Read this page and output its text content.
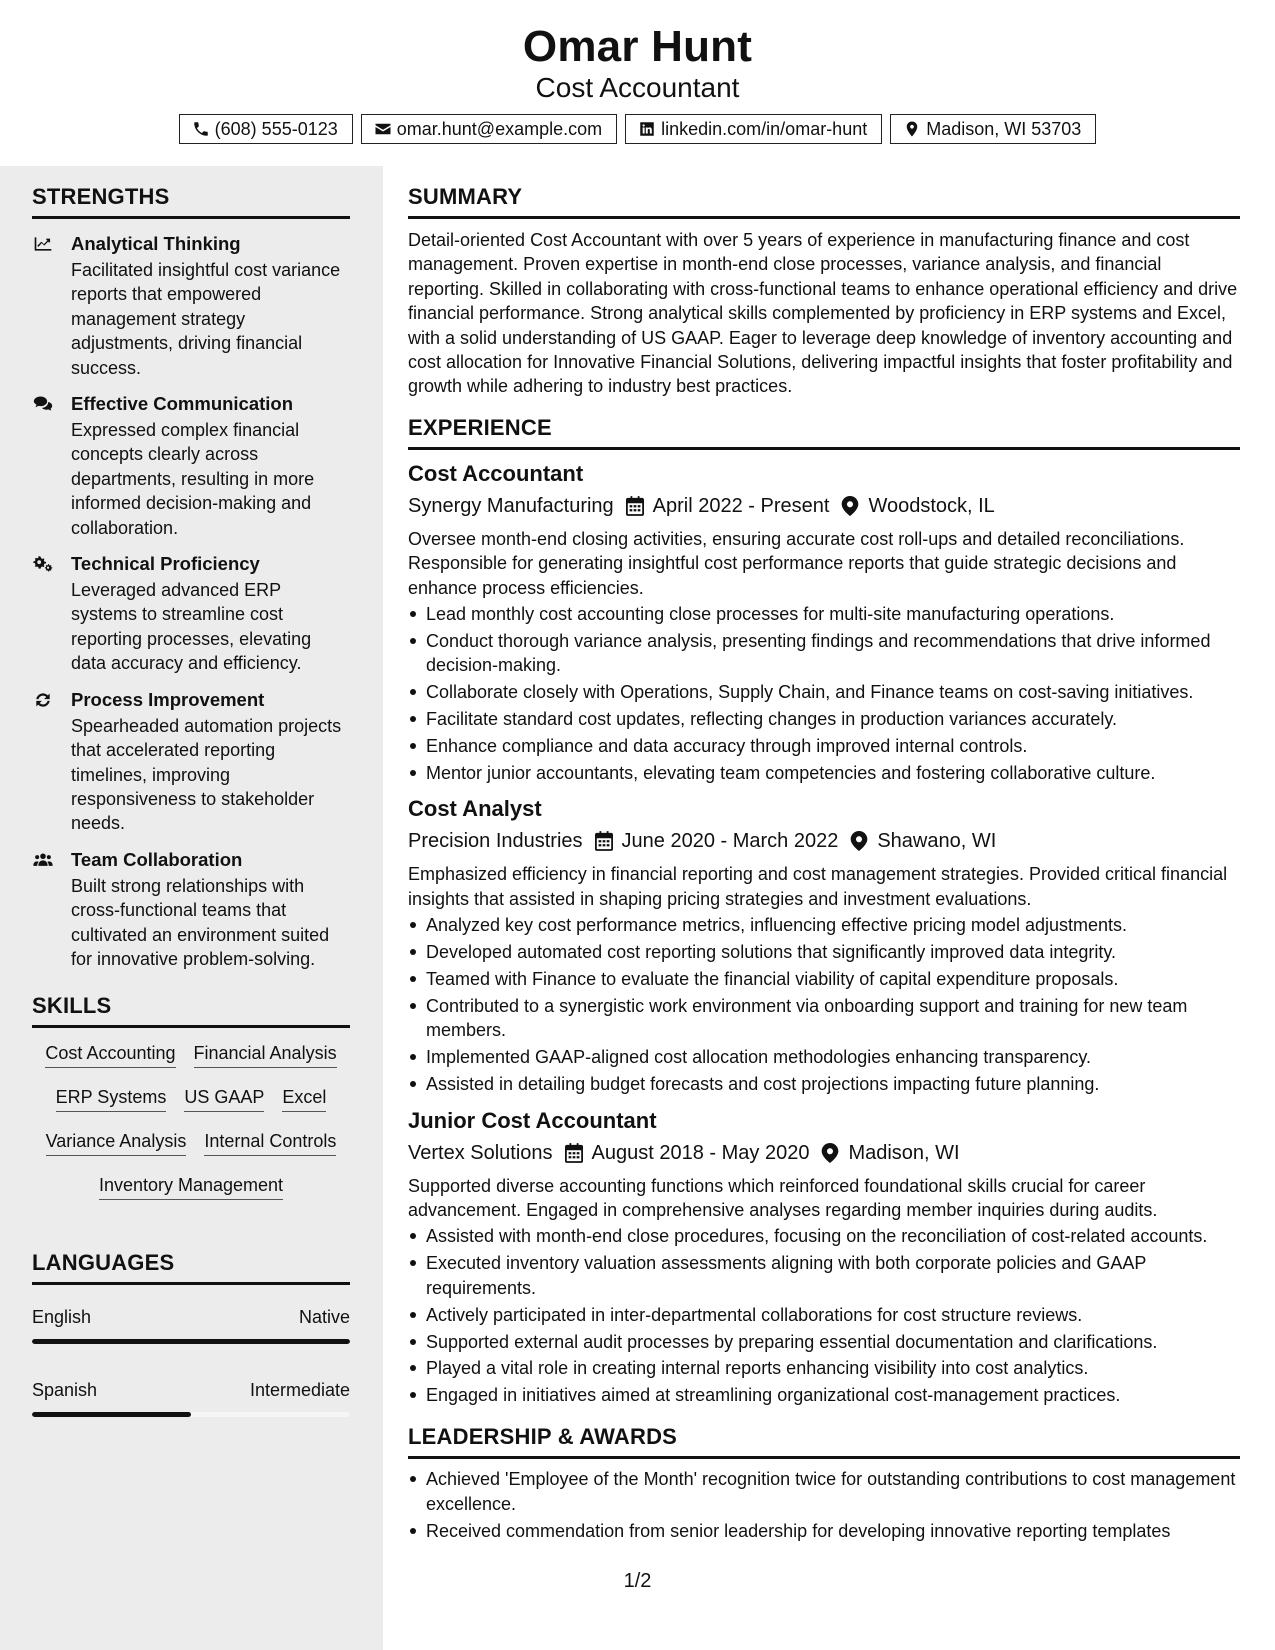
Omar Hunt
Cost Accountant
(608) 555-0123	omar.hunt@example.com	linkedin.com/in/omar-hunt	Madison, WI 53703
STRENGTHS
Analytical Thinking
Facilitated insightful cost variance reports that empowered management strategy adjustments, driving financial success.
Effective Communication
Expressed complex financial concepts clearly across departments, resulting in more informed decision-making and collaboration.
Technical Proficiency
Leveraged advanced ERP systems to streamline cost reporting processes, elevating data accuracy and efficiency.
Process Improvement
Spearheaded automation projects that accelerated reporting timelines, improving responsiveness to stakeholder needs.
Team Collaboration
Built strong relationships with cross-functional teams that cultivated an environment suited for innovative problem-solving.
SKILLS
Cost Accounting Financial Analysis
ERP Systems US GAAP Excel
Variance Analysis Internal Controls
Inventory Management
LANGUAGES
English	Native
Spanish	Intermediate
SUMMARY

Detail-oriented Cost Accountant with over 5 years of experience in manufacturing finance and cost management. Proven expertise in month-end close processes, variance analysis, and financial reporting. Skilled in collaborating with cross-functional teams to enhance operational efficiency and drive financial performance. Strong analytical skills complemented by proficiency in ERP systems and Excel, with a solid understanding of US GAAP. Eager to leverage deep knowledge of inventory accounting and cost allocation for Innovative Financial Solutions, delivering impactful insights that foster profitability and growth while adhering to industry best practices.

EXPERIENCE
Cost Accountant
Synergy Manufacturing April 2022 - Present Woodstock, IL

Oversee month-end closing activities, ensuring accurate cost roll-ups and detailed reconciliations. Responsible for generating insightful cost performance reports that guide strategic decisions and enhance process efficiencies.

Lead monthly cost accounting close processes for multi-site manufacturing operations.
Conduct thorough variance analysis, presenting findings and recommendations that drive informed decision-making.
Collaborate closely with Operations, Supply Chain, and Finance teams on cost-saving initiatives.
Facilitate standard cost updates, reflecting changes in production variances accurately.
Enhance compliance and data accuracy through improved internal controls.
Mentor junior accountants, elevating team competencies and fostering collaborative culture.
Cost Analyst
Precision Industries June 2020 - March 2022 Shawano, WI

Emphasized efficiency in financial reporting and cost management strategies. Provided critical financial insights that assisted in shaping pricing strategies and investment evaluations.

Analyzed key cost performance metrics, influencing effective pricing model adjustments.
Developed automated cost reporting solutions that significantly improved data integrity.
Teamed with Finance to evaluate the financial viability of capital expenditure proposals.
Contributed to a synergistic work environment via onboarding support and training for new team members.
Implemented GAAP-aligned cost allocation methodologies enhancing transparency.
Assisted in detailing budget forecasts and cost projections impacting future planning.
Junior Cost Accountant
Vertex Solutions August 2018 - May 2020 Madison, WI

Supported diverse accounting functions which reinforced foundational skills crucial for career advancement. Engaged in comprehensive analyses regarding member inquiries during audits.

Assisted with month-end close procedures, focusing on the reconciliation of cost-related accounts.
Executed inventory valuation assessments aligning with both corporate policies and GAAP requirements.
Actively participated in inter-departmental collaborations for cost structure reviews.
Supported external audit processes by preparing essential documentation and clarifications.
Played a vital role in creating internal reports enhancing visibility into cost analytics.
Engaged in initiatives aimed at streamlining organizational cost-management practices.
LEADERSHIP & AWARDS
Achieved 'Employee of the Month' recognition twice for outstanding contributions to cost management excellence.
Received commendation from senior leadership for developing innovative reporting templates
1/2
